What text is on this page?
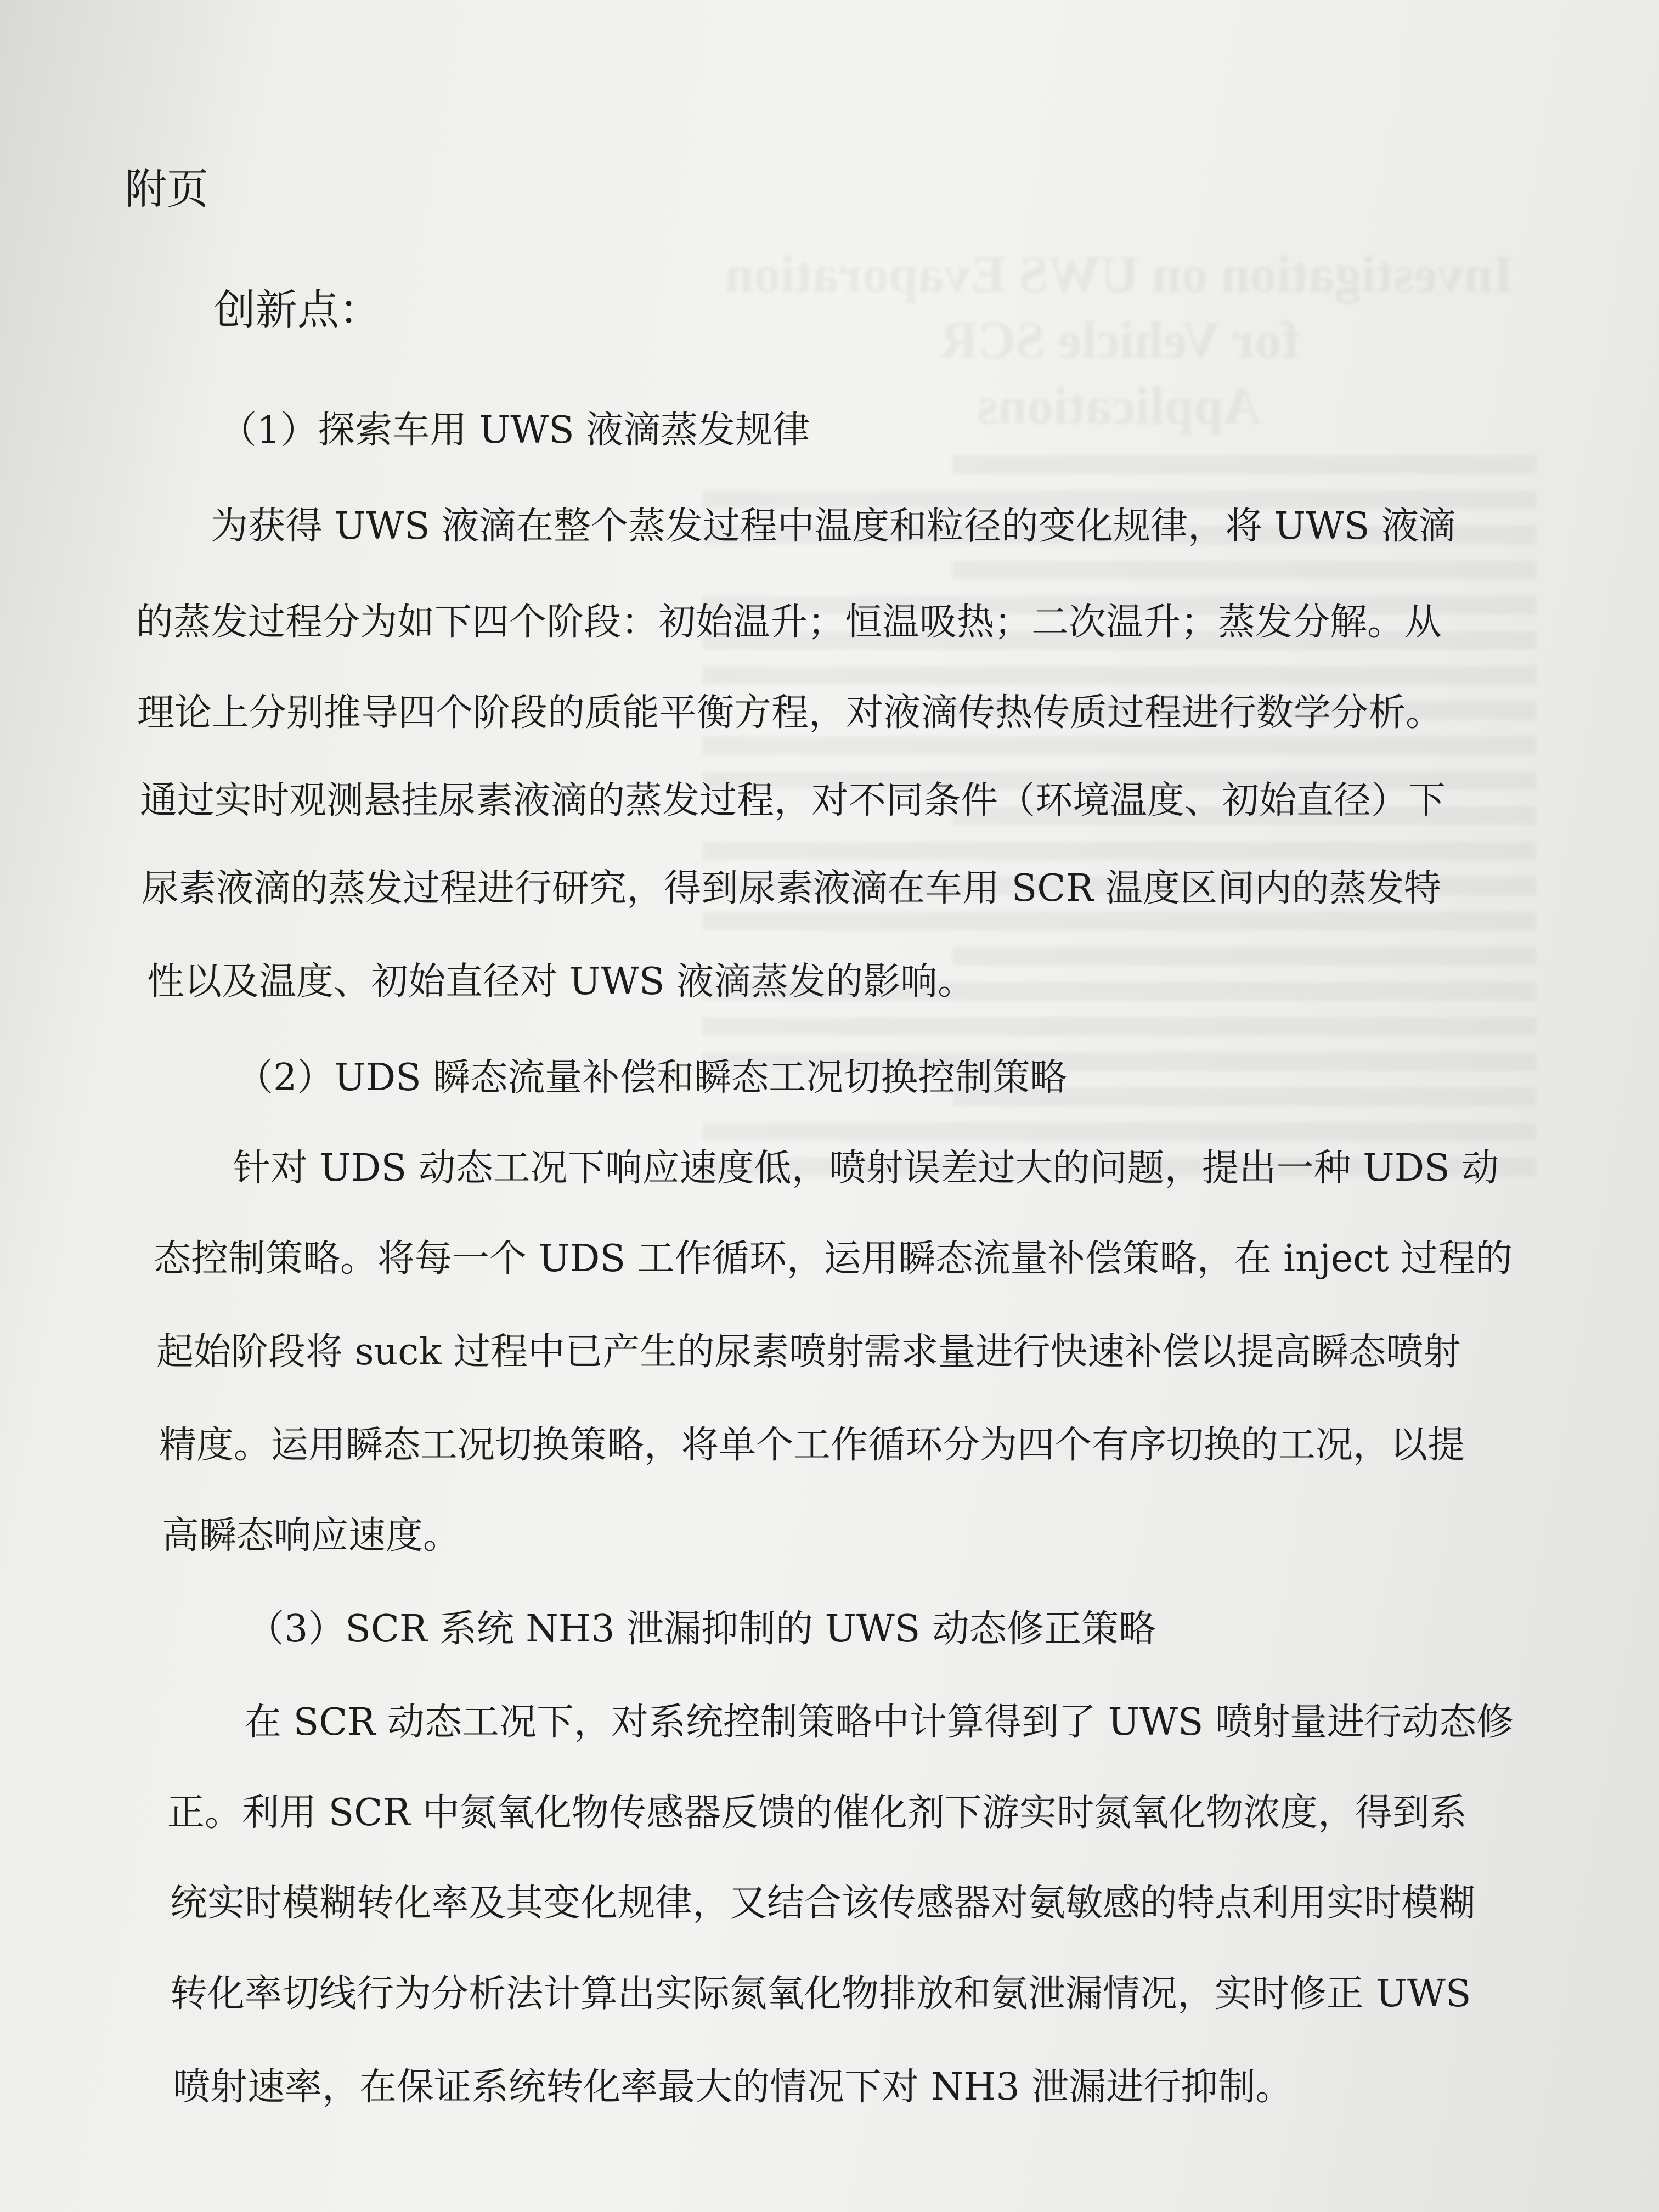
Investigation on UWS Evaporation for Vehicle SCR
Applications
附页
创新点：
（1）探索车用 UWS 液滴蒸发规律
为获得 UWS 液滴在整个蒸发过程中温度和粒径的变化规律，将 UWS 液滴
的蒸发过程分为如下四个阶段：初始温升；恒温吸热；二次温升；蒸发分解。从
理论上分别推导四个阶段的质能平衡方程，对液滴传热传质过程进行数学分析。
通过实时观测悬挂尿素液滴的蒸发过程，对不同条件（环境温度、初始直径）下
尿素液滴的蒸发过程进行研究，得到尿素液滴在车用 SCR 温度区间内的蒸发特
性以及温度、初始直径对 UWS 液滴蒸发的影响。
（2）UDS 瞬态流量补偿和瞬态工况切换控制策略
针对 UDS 动态工况下响应速度低，喷射误差过大的问题，提出一种 UDS 动
态控制策略。将每一个 UDS 工作循环，运用瞬态流量补偿策略，在 inject 过程的
起始阶段将 suck 过程中已产生的尿素喷射需求量进行快速补偿以提高瞬态喷射
精度。运用瞬态工况切换策略，将单个工作循环分为四个有序切换的工况，以提
高瞬态响应速度。
（3）SCR 系统 NH3 泄漏抑制的 UWS 动态修正策略
在 SCR 动态工况下，对系统控制策略中计算得到了 UWS 喷射量进行动态修
正。利用 SCR 中氮氧化物传感器反馈的催化剂下游实时氮氧化物浓度，得到系
统实时模糊转化率及其变化规律，又结合该传感器对氨敏感的特点利用实时模糊
转化率切线行为分析法计算出实际氮氧化物排放和氨泄漏情况，实时修正 UWS
喷射速率，在保证系统转化率最大的情况下对 NH3 泄漏进行抑制。
